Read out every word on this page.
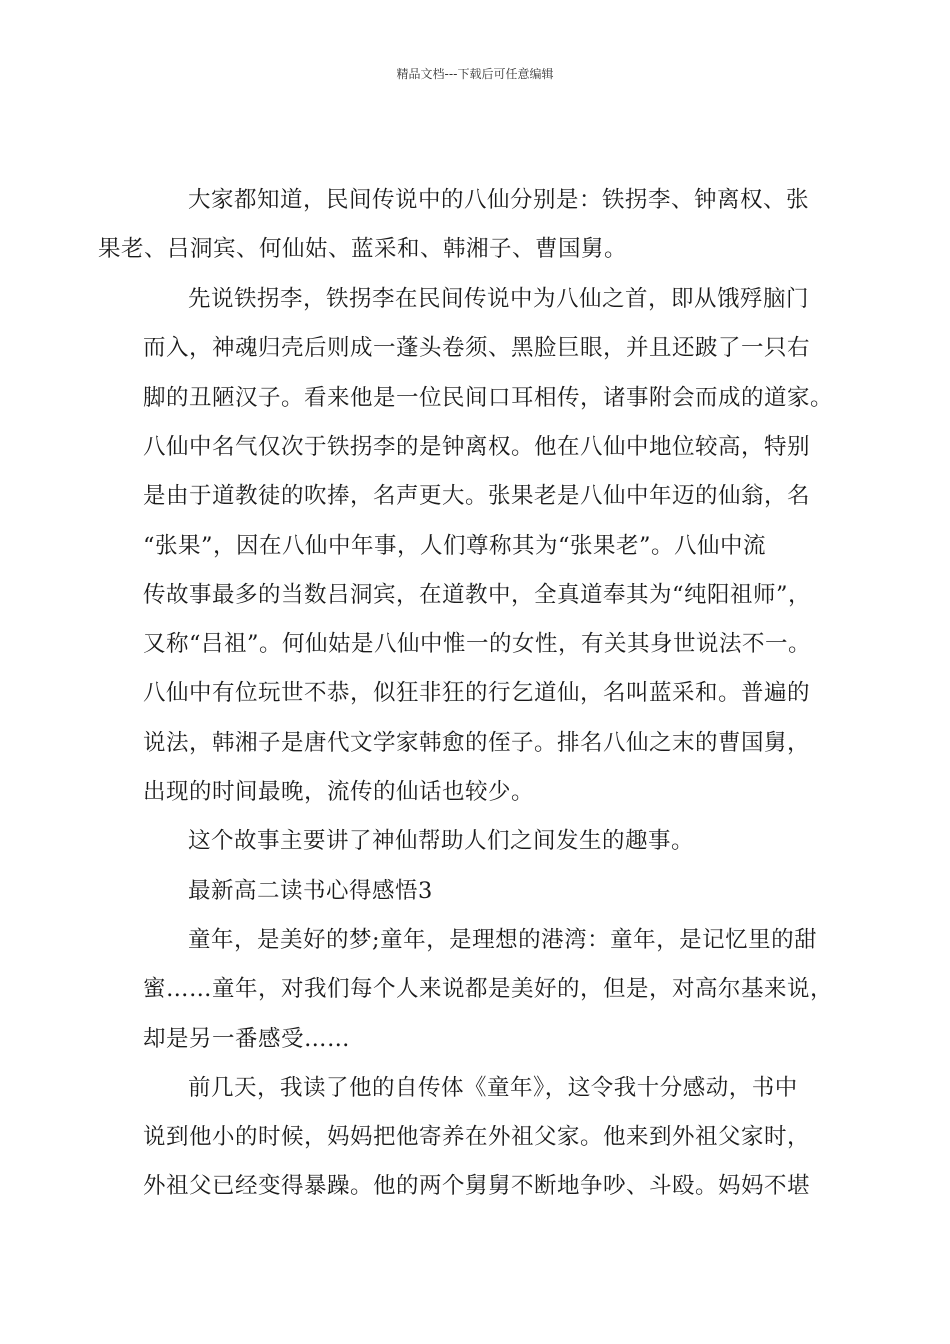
精品文档---下载后可任意编辑

大家都知道，民间传说中的八仙分别是：铁拐李、钟离权、张
果老、吕洞宾、何仙姑、蓝采和、韩湘子、曹国舅。

先说铁拐李，铁拐李在民间传说中为八仙之首，即从饿殍脑门
而入，神魂归壳后则成一蓬头卷须、黑脸巨眼，并且还跛了一只右
脚的丑陋汉子。看来他是一位民间口耳相传，诸事附会而成的道家。
八仙中名气仅次于铁拐李的是钟离权。他在八仙中地位较高，特别
是由于道教徒的吹捧，名声更大。张果老是八仙中年迈的仙翁，名
“张果”，因在八仙中年事，人们尊称其为“张果老”。八仙中流
传故事最多的当数吕洞宾，在道教中，全真道奉其为“纯阳祖师”，
又称“吕祖”。何仙姑是八仙中惟一的女性，有关其身世说法不一。
八仙中有位玩世不恭，似狂非狂的行乞道仙，名叫蓝采和。普遍的
说法，韩湘子是唐代文学家韩愈的侄子。排名八仙之末的曹国舅，
出现的时间最晚，流传的仙话也较少。

这个故事主要讲了神仙帮助人们之间发生的趣事。

最新高二读书心得感悟3

童年，是美好的梦;童年，是理想的港湾：童年，是记忆里的甜
蜜……童年，对我们每个人来说都是美好的，但是，对高尔基来说，
却是另一番感受……

前几天，我读了他的自传体《童年》，这令我十分感动，书中
说到他小的时候，妈妈把他寄养在外祖父家。他来到外祖父家时，
外祖父已经变得暴躁。他的两个舅舅不断地争吵、斗殴。妈妈不堪
